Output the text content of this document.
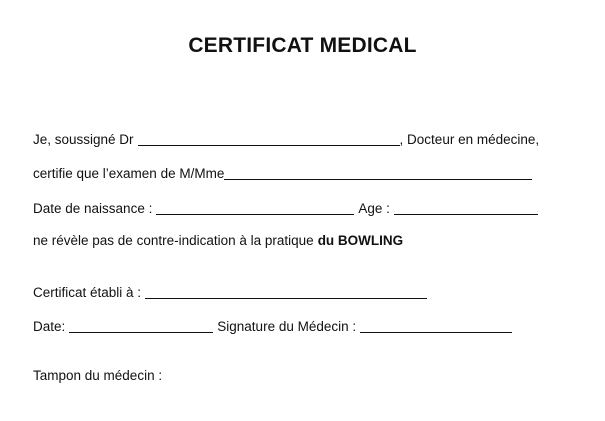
CERTIFICAT MEDICAL
Je, soussigné Dr	, Docteur en médecine,
certifie que l’examen de M/Mme
Date de naissance :	Age :
ne révèle pas de contre-indication à la pratique du BOWLING
Certificat établi à :
Date:	Signature du Médecin :
Tampon du médecin :
